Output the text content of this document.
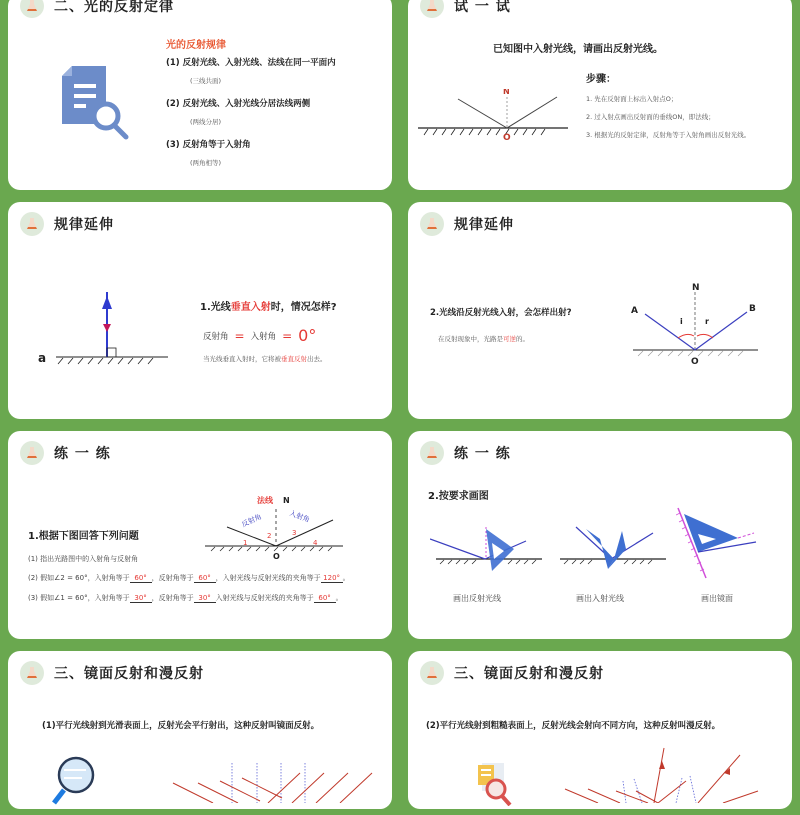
二、光的反射定律
光的反射规律
(1) 反射光线、入射光线、法线在同一平面内
(三线共面)
(2) 反射光线、入射光线分居法线两侧
(两线分居)
(3) 反射角等于入射角
(两角相等)
试 一 试
已知图中入射光线，请画出反射光线。
N
O
步骤：
1. 先在反射面上标出入射点O；
2. 过入射点画出反射面的垂线ON，即法线；
3. 根据光的反射定律，反射角等于入射角画出反射光线。
规律延伸
a
1.光线垂直入射时，情况怎样?
反射角 = 入射角 = 0°
当光线垂直入射时，它将被垂直反射出去。
规律延伸
2.光线沿反射光线入射，会怎样出射?
在反射现象中，光路是可逆的。
A	B
N
O
i	r
练 一 练
法线 N
O
反射角	入射角
1
2	3
4
1.根据下图回答下列问题
(1) 指出光路图中的入射角与反射角
(2) 假如∠2 = 60°，入射角等于 60° ，反射角等于 60° ，入射光线与反射光线的夹角等于 120° 。
(3) 假如∠1 = 60°，入射角等于 30° ，反射角等于 30° 入射光线与反射光线的夹角等于 60° 。
练 一 练
2.按要求画图
画出反射光线	画出入射光线	画出镜面
三、镜面反射和漫反射
(1)平行光线射到光滑表面上，反射光会平行射出，这种反射叫镜面反射。
三、镜面反射和漫反射
(2)平行光线射到粗糙表面上，反射光线会射向不同方向，这种反射叫漫反射。
